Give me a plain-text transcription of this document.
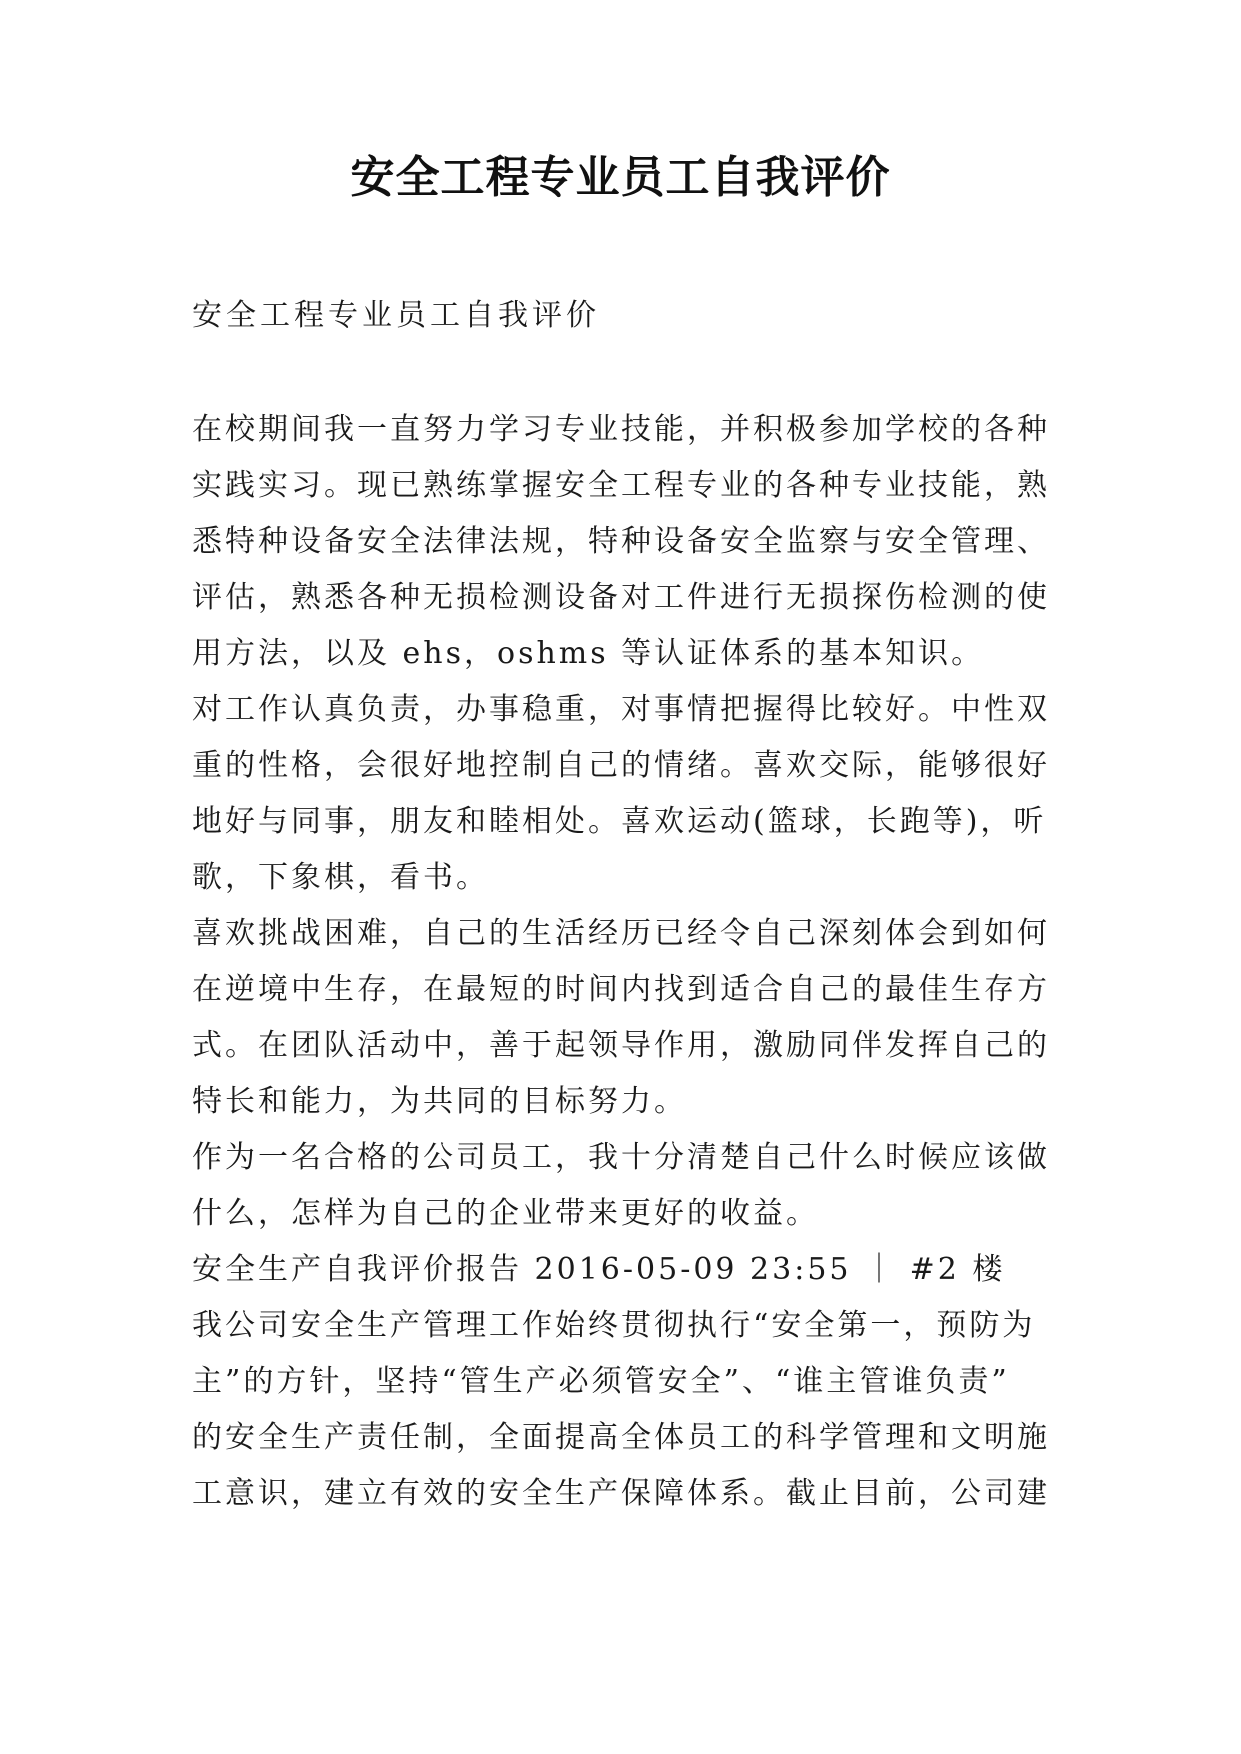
安全工程专业员工自我评价

安全工程专业员工自我评价

在校期间我一直努力学习专业技能，并积极参加学校的各种

实践实习。现已熟练掌握安全工程专业的各种专业技能，熟

悉特种设备安全法律法规，特种设备安全监察与安全管理、

评估，熟悉各种无损检测设备对工件进行无损探伤检测的使

用方法，以及 ehs，oshms 等认证体系的基本知识。

对工作认真负责，办事稳重，对事情把握得比较好。中性双

重的性格，会很好地控制自己的情绪。喜欢交际，能够很好

地好与同事，朋友和睦相处。喜欢运动(篮球，长跑等)，听

歌，下象棋，看书。

喜欢挑战困难，自己的生活经历已经令自己深刻体会到如何

在逆境中生存，在最短的时间内找到适合自己的最佳生存方

式。在团队活动中，善于起领导作用，激励同伴发挥自己的

特长和能力，为共同的目标努力。

作为一名合格的公司员工，我十分清楚自己什么时候应该做

什么，怎样为自己的企业带来更好的收益。

安全生产自我评价报告 2016-05-09 23:55 ｜ #2 楼

我公司安全生产管理工作始终贯彻执行“安全第一，预防为

主”的方针，坚持“管生产必须管安全”、“谁主管谁负责”

的安全生产责任制，全面提高全体员工的科学管理和文明施

工意识，建立有效的安全生产保障体系。截止目前，公司建
